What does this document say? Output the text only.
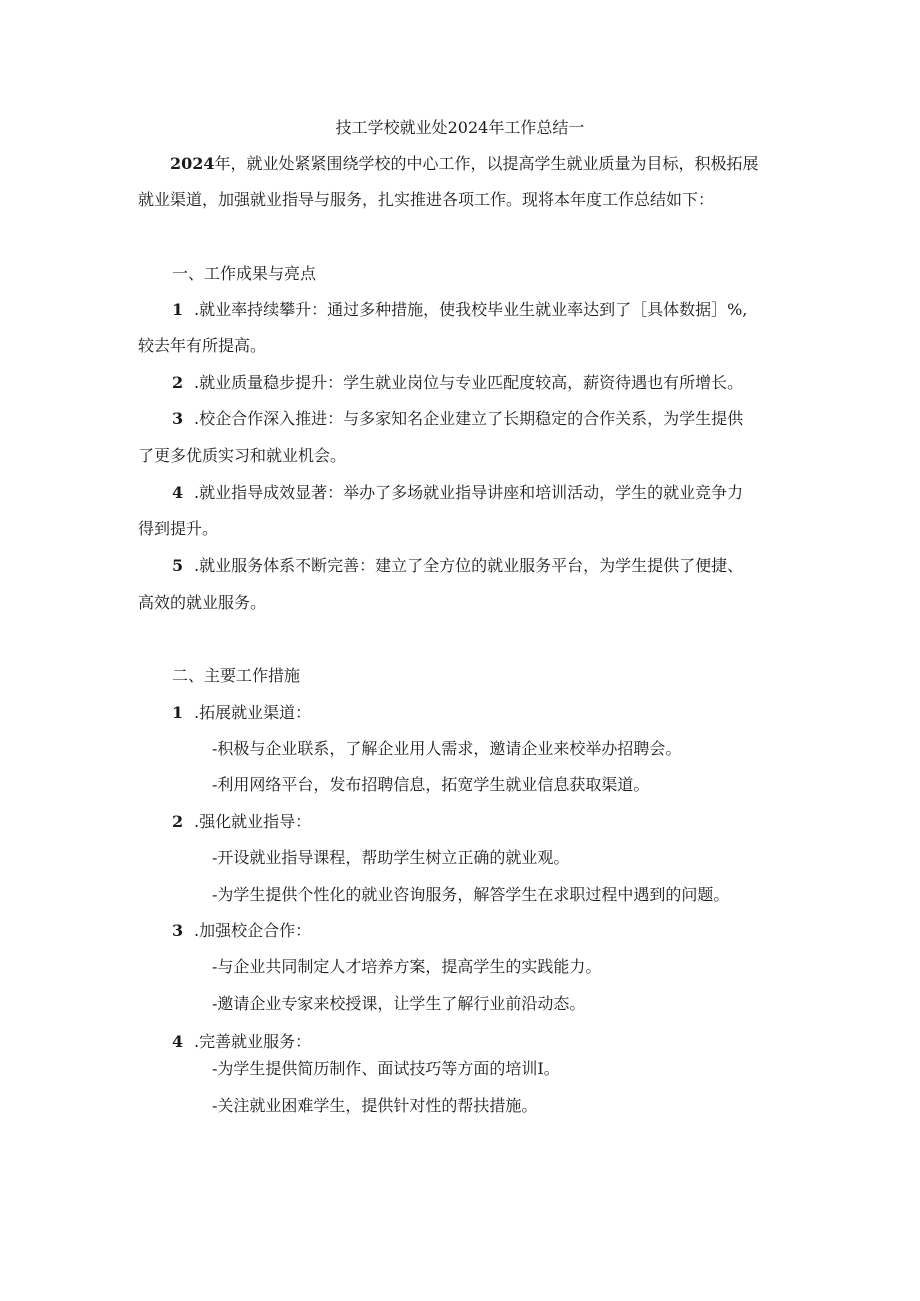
技工学校就业处2024年工作总结一
2024年，就业处紧紧围绕学校的中心工作，以提高学生就业质量为目标，积极拓展
就业渠道，加强就业指导与服务，扎实推进各项工作。现将本年度工作总结如下：
一、工作成果与亮点
1 .就业率持续攀升：通过多种措施，使我校毕业生就业率达到了［具体数据］%,
较去年有所提高。
2 .就业质量稳步提升：学生就业岗位与专业匹配度较高，薪资待遇也有所增长。
3 .校企合作深入推进：与多家知名企业建立了长期稳定的合作关系，为学生提供
了更多优质实习和就业机会。
4 .就业指导成效显著：举办了多场就业指导讲座和培训活动，学生的就业竞争力
得到提升。
5 .就业服务体系不断完善：建立了全方位的就业服务平台，为学生提供了便捷、
高效的就业服务。
二、主要工作措施
1 .拓展就业渠道：
-积极与企业联系，了解企业用人需求，邀请企业来校举办招聘会。
-利用网络平台，发布招聘信息，拓宽学生就业信息获取渠道。
2 .强化就业指导：
-开设就业指导课程，帮助学生树立正确的就业观。
-为学生提供个性化的就业咨询服务，解答学生在求职过程中遇到的问题。
3 .加强校企合作：
-与企业共同制定人才培养方案，提高学生的实践能力。
-邀请企业专家来校授课，让学生了解行业前沿动态。
4 .完善就业服务：
-为学生提供简历制作、面试技巧等方面的培训I。
-关注就业困难学生，提供针对性的帮扶措施。
